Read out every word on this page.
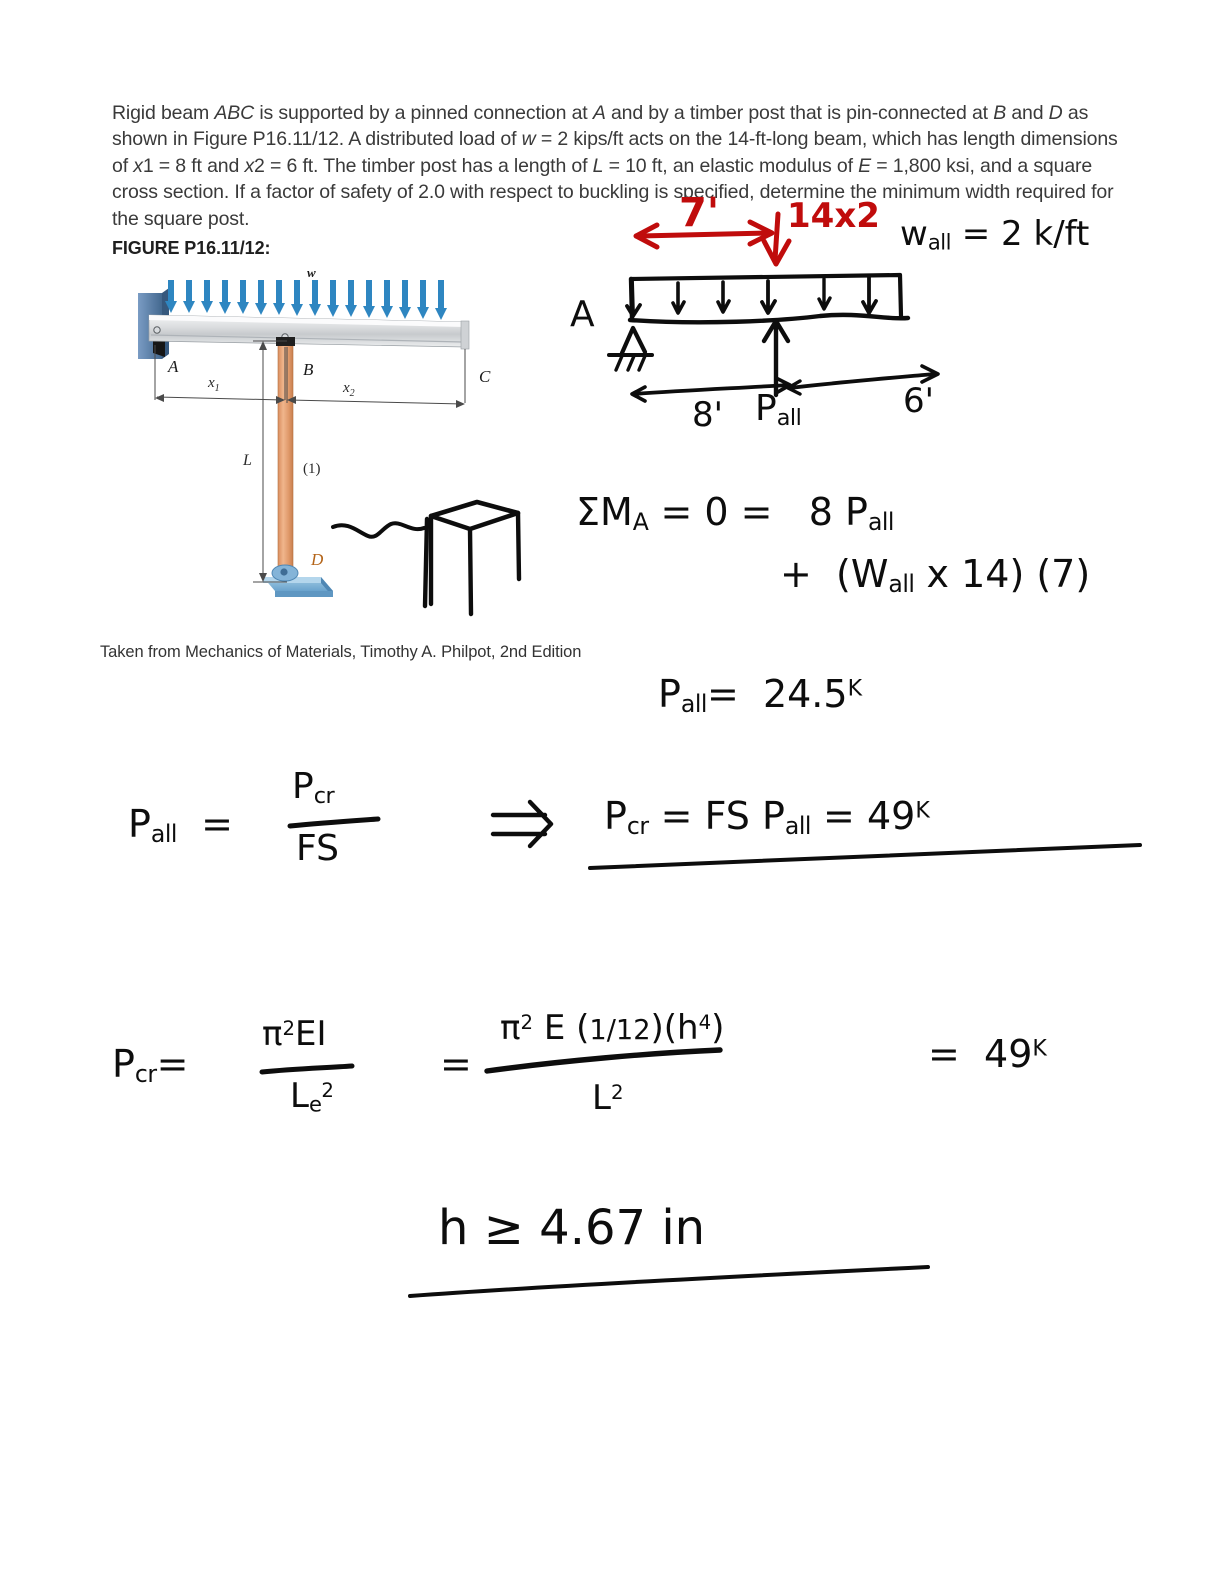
Rigid beam ABC is supported by a pinned connection at A and by a timber post that is pin-connected at B and D as shown in Figure P16.11/12. A distributed load of w = 2 kips/ft acts on the 14-ft-long beam, which has length dimensions of x1 = 8 ft and x2 = 6 ft. The timber post has a length of L = 10 ft, an elastic modulus of E = 1,800 ksi, and a square cross section. If a factor of safety of 2.0 with respect to buckling is specified, determine the minimum width required for the square post.
FIGURE P16.11/12:
Taken from Mechanics of Materials, Timothy A. Philpot, 2nd Edition
w
$x_1$	$x_2$
L
A	B	C
D
(1)
7' 14x2 $w_{all} = 2$ k/ft
A
8' $P_{all}$	6'
$\Sigma M_A = 0 = 8$ $P_{all}$
+ ($W_{all}$ x 14) (7)
$P_{all}= 24.5^K$
$P_{all}$ =
$P_{cr}$
FS
$P_{cr}$ = FS $P_{all} = 49^K$
$P_{cr}=$
$\pi^2EI$
$L_e^2$
=
$\pi^2$ E $(1/12)(h^4)$
$L^2$
= $49^K$
h ≥ 4.67 in
